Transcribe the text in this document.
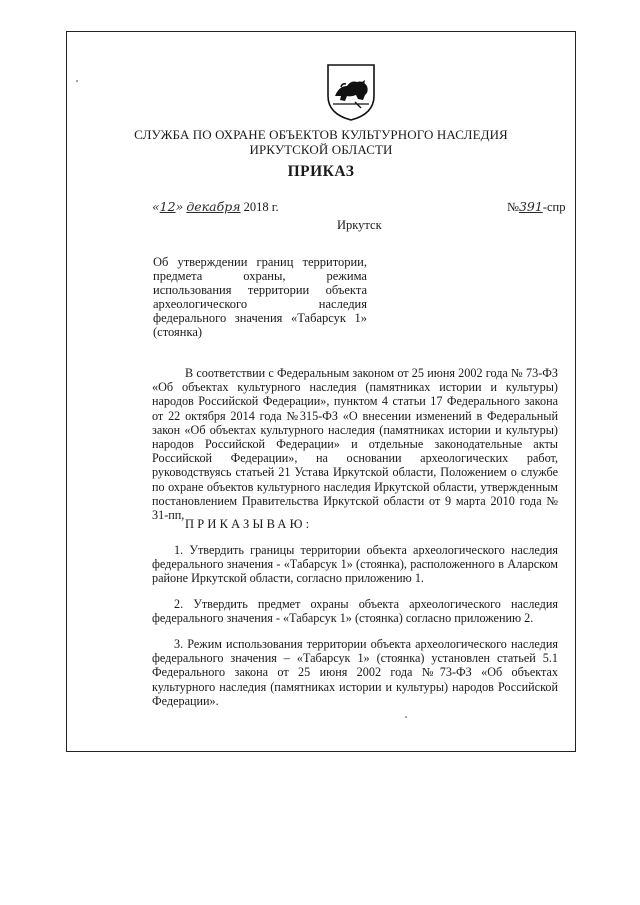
СЛУЖБА ПО ОХРАНЕ ОБЪЕКТОВ КУЛЬТУРНОГО НАСЛЕДИЯ
ИРКУТСКОЙ ОБЛАСТИ
ПРИКАЗ
«12» декабря 2018 г.	№391-спр
Иркутск
Об утверждении границ территории,
предмета охраны, режима
использования территории объекта
археологического наследия
федерального значения «Табарсук 1»
(стоянка)
В соответствии с Федеральным законом от 25 июня 2002 года № 73-ФЗ «Об объектах культурного наследия (памятниках истории и культуры) народов Российской Федерации», пунктом 4 статьи 17 Федерального закона от 22 октября 2014 года №315-ФЗ «О внесении изменений в Федеральный закон «Об объектах культурного наследия (памятниках истории и культуры) народов Российской Федерации» и отдельные законодательные акты Российской Федерации», на основании археологических работ, руководствуясь статьей 21 Устава Иркутской области, Положением о службе по охране объектов культурного наследия Иркутской области, утвержденным постановлением Правительства Иркутской области от 9 марта 2010 года № 31-пп,
ПРИКАЗЫВАЮ:
1. Утвердить границы территории объекта археологического наследия федерального значения - «Табарсук 1» (стоянка), расположенного в Аларском районе Иркутской области, согласно приложению 1.
2. Утвердить предмет охраны объекта археологического наследия федерального значения - «Табарсук 1» (стоянка) согласно приложению 2.
3. Режим использования территории объекта археологического наследия федерального значения – «Табарсук 1» (стоянка) установлен статьей 5.1 Федерального закона от 25 июня 2002 года №73-ФЗ «Об объектах культурного наследия (памятниках истории и культуры) народов Российской Федерации».
